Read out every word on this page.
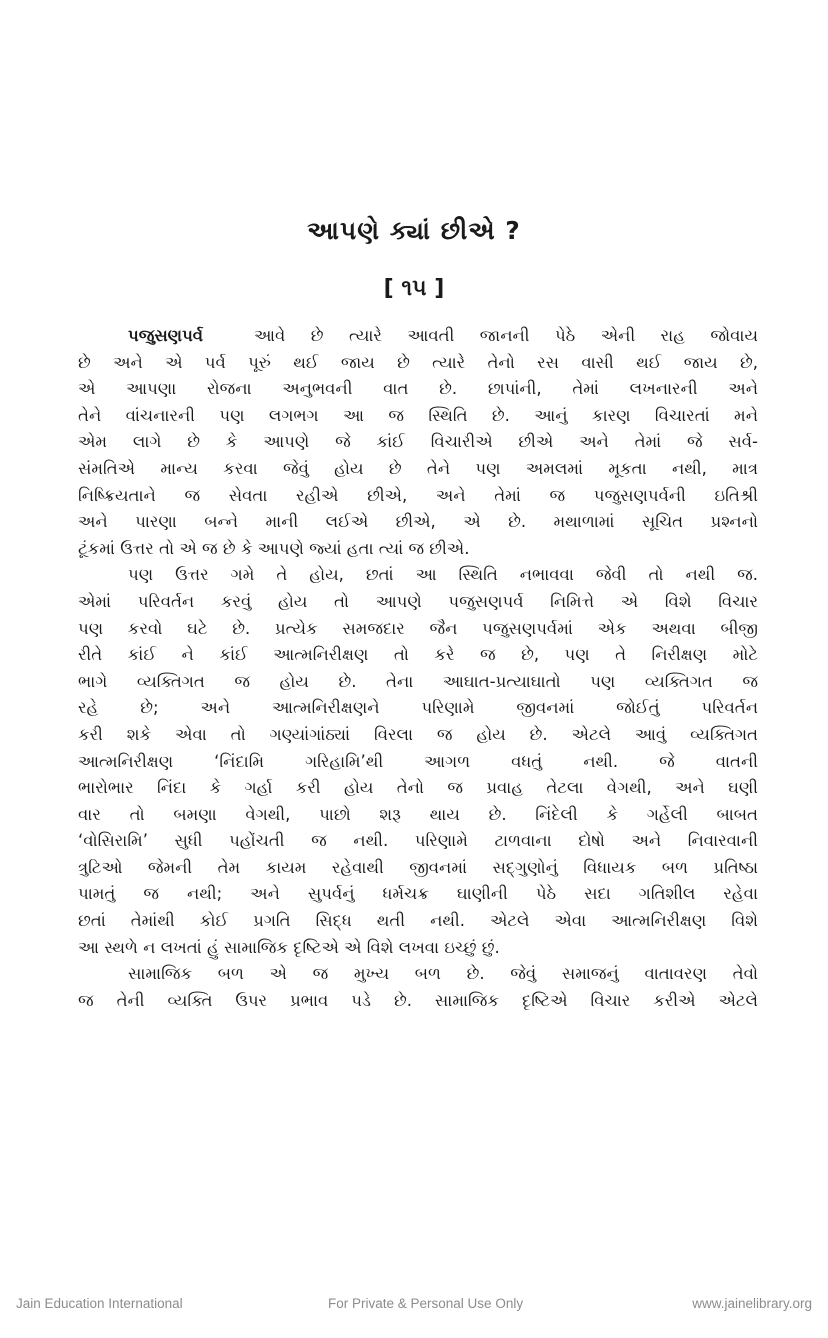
આપણે ક્યાં છીએ ?
[ ૧૫ ]
પજુસણપર્વ	આવે છે ત્યારે આવતી જાનની પેઠે એની રાહ જોવાય
છે અને એ પર્વ પૂરું થઈ જાય છે ત્યારે તેનો રસ વાસી થઈ જાય છે,
એ આપણા રોજના અનુભવની વાત છે. છાપાંની, તેમાં લખનારની અને
તેને વાંચનારની પણ લગભગ આ જ સ્થિતિ છે. આનું કારણ વિચારતાં મને
એમ લાગે છે કે આપણે જે કાંઈ વિચારીએ છીએ અને તેમાં જે સર્વ-
સંમતિએ માન્ય કરવા જેવું હોય છે તેને પણ અમલમાં મૂકતા નથી, માત્ર
નિષ્ક્રિયતાને જ સેવતા રહીએ છીએ, અને તેમાં જ પજુસણપર્વની ઇતિશ્રી
અને પારણા બન્ને માની લઈએ છીએ, એ છે. મથાળામાં સૂચિત પ્રશ્નનો
ટૂંકમાં ઉત્તર તો એ જ છે કે આપણે જ્યાં હતા ત્યાં જ છીએ.
પણ ઉત્તર ગમે તે હોય, છતાં આ સ્થિતિ નભાવવા જેવી તો નથી જ.
એમાં પરિવર્તન કરવું હોય તો આપણે પજુસણપર્વ નિમિત્તે એ વિશે વિચાર
પણ કરવો ઘટે છે. પ્રત્યેક સમજદાર જૈન પજુસણપર્વમાં એક અથવા બીજી
રીતે કાંઈ ને કાંઈ આત્મનિરીક્ષણ તો કરે જ છે, પણ તે નિરીક્ષણ મોટે
ભાગે વ્યક્તિગત જ હોય છે. તેના આઘાત-પ્રત્યાઘાતો પણ વ્યક્તિગત જ
રહે છે; અને આત્મનિરીક્ષણને પરિણામે જીવનમાં જોઈતું પરિવર્તન
કરી શકે એવા તો ગણ્યાંગાંઠ્યાં વિરલા જ હોય છે. એટલે આવું વ્યક્તિગત
આત્મનિરીક્ષણ ‘નિંદામિ ગરિહામિ’થી આગળ વધતું નથી. જે વાતની
ભારોભાર નિંદા કે ગર્હા કરી હોય તેનો જ પ્રવાહ તેટલા વેગથી, અને ઘણી
વાર તો બમણા વેગથી, પાછો શરૂ થાય છે. નિંદેલી કે ગર્હેલી બાબત
‘વોસિરામિ’ સુધી પહોંચતી જ નથી. પરિણામે ટાળવાના દોષો અને નિવારવાની
ત્રુટિઓ જેમની તેમ કાયમ રહેવાથી જીવનમાં સદ્ગુણોનું વિધાયક બળ પ્રતિષ્ઠા
પામતું જ નથી; અને સુપર્વનું ધર્મચક્ર ઘાણીની પેઠે સદા ગતિશીલ રહેવા
છતાં તેમાંથી કોઈ પ્રગતિ સિદ્ધ થતી નથી. એટલે એવા આત્મનિરીક્ષણ વિશે
આ સ્થળે ન લખતાં હું સામાજિક દૃષ્ટિએ એ વિશે લખવા ઇચ્છું છું.
સામાજિક બળ એ જ મુખ્ય બળ છે. જેવું સમાજનું વાતાવરણ તેવો
જ તેની વ્યક્તિ ઉપર પ્રભાવ પડે છે. સામાજિક દૃષ્ટિએ વિચાર કરીએ એટલે
Jain Education International	For Private & Personal Use Only	www.jainelibrary.org
